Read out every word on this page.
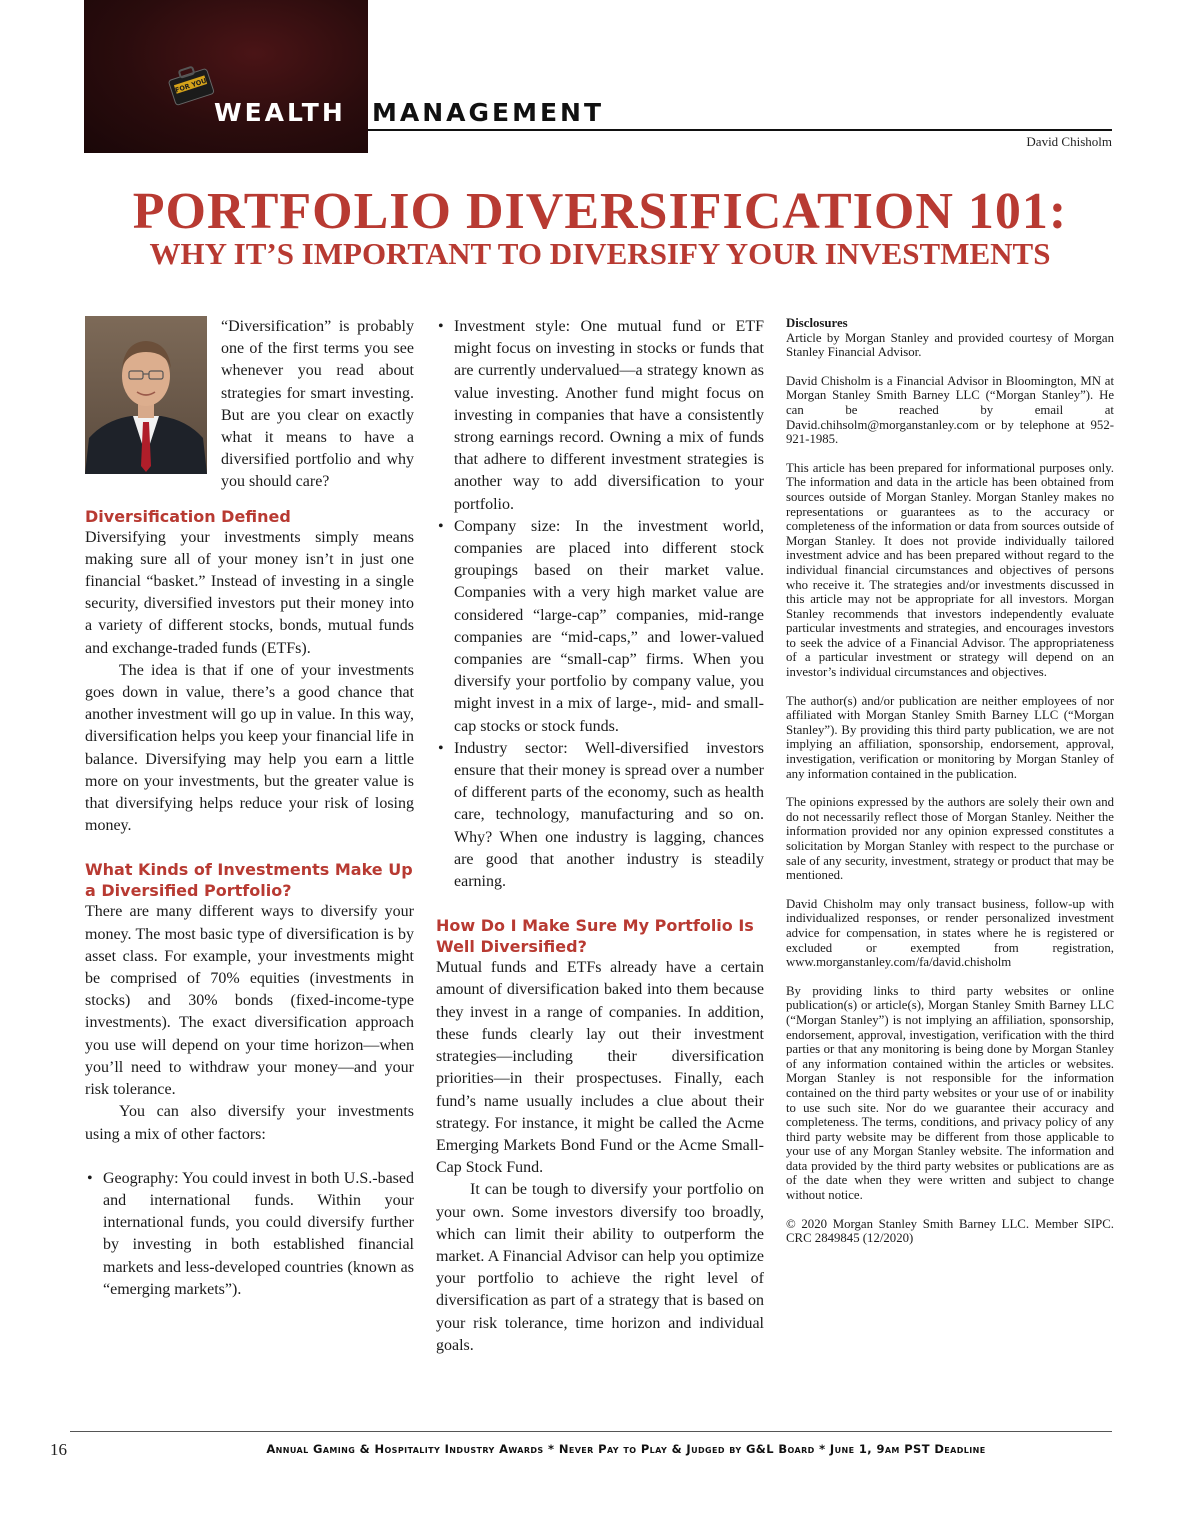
FOR YOU
WEALTH MANAGEMENT
David Chisholm
PORTFOLIO DIVERSIFICATION 101:
WHY IT’S IMPORTANT TO DIVERSIFY YOUR INVESTMENTS

“Diversification” is probably one of the first terms you see whenever you read about strategies for smart investing. But are you clear on exactly what it means to have a diversified portfolio and why you should care?

Diversification Defined

Diversifying your investments simply means making sure all of your money isn’t in just one financial “basket.” Instead of investing in a single security, diversified investors put their money into a variety of different stocks, bonds, mutual funds and exchange-traded funds (ETFs).

The idea is that if one of your investments goes down in value, there’s a good chance that another investment will go up in value. In this way, diversification helps you keep your financial life in balance. Diversifying may help you earn a little more on your investments, but the greater value is that diversifying helps reduce your risk of losing money.

What Kinds of Investments Make Up a Diversified Portfolio?

There are many different ways to diversify your money. The most basic type of diversification is by asset class. For example, your investments might be comprised of 70% equities (investments in stocks) and 30% bonds (fixed-income-type investments). The exact diversification approach you use will depend on your time horizon—when you’ll need to withdraw your money—and your risk tolerance.

You can also diversify your investments using a mix of other factors:

• Geography: You could invest in both U.S.-based and international funds. Within your international funds, you could diversify further by investing in both established financial markets and less-developed countries (known as “emerging markets”).
• Investment style: One mutual fund or ETF might focus on investing in stocks or funds that are currently undervalued—a strategy known as value investing. Another fund might focus on investing in companies that have a consistently strong earnings record. Owning a mix of funds that adhere to different investment strategies is another way to add diversification to your portfolio.
• Company size: In the investment world, companies are placed into different stock groupings based on their market value. Companies with a very high market value are considered “large-cap” companies, mid-range companies are “mid-caps,” and lower-valued companies are “small-cap” firms. When you diversify your portfolio by company value, you might invest in a mix of large-, mid- and small-cap stocks or stock funds.
• Industry sector: Well-diversified investors ensure that their money is spread over a number of different parts of the economy, such as health care, technology, manufacturing and so on. Why? When one industry is lagging, chances are good that another industry is steadily earning.
How Do I Make Sure My Portfolio Is Well Diversified?

Mutual funds and ETFs already have a certain amount of diversification baked into them because they invest in a range of companies. In addition, these funds clearly lay out their investment strategies—including their diversification priorities—in their prospectuses. Finally, each fund’s name usually includes a clue about their strategy. For instance, it might be called the Acme Emerging Markets Bond Fund or the Acme Small-Cap Stock Fund.

It can be tough to diversify your portfolio on your own. Some investors diversify too broadly, which can limit their ability to outperform the market. A Financial Advisor can help you optimize your portfolio to achieve the right level of diversification as part of a strategy that is based on your risk tolerance, time horizon and individual goals.

Disclosures

Article by Morgan Stanley and provided courtesy of Morgan Stanley Financial Advisor.

David Chisholm is a Financial Advisor in Bloomington, MN at Morgan Stanley Smith Barney LLC (“Morgan Stanley”). He can be reached by email at David.chihsolm@morganstanley.com or by telephone at 952-921-1985.

This article has been prepared for informational purposes only. The information and data in the article has been obtained from sources outside of Morgan Stanley. Morgan Stanley makes no representations or guarantees as to the accuracy or completeness of the information or data from sources outside of Morgan Stanley. It does not provide individually tailored investment advice and has been prepared without regard to the individual financial circumstances and objectives of persons who receive it. The strategies and/or investments discussed in this article may not be appropriate for all investors. Morgan Stanley recommends that investors independently evaluate particular investments and strategies, and encourages investors to seek the advice of a Financial Advisor. The appropriateness of a particular investment or strategy will depend on an investor’s individual circumstances and objectives.

The author(s) and/or publication are neither employees of nor affiliated with Morgan Stanley Smith Barney LLC (“Morgan Stanley”). By providing this third party publication, we are not implying an affiliation, sponsorship, endorsement, approval, investigation, verification or monitoring by Morgan Stanley of any information contained in the publication.

The opinions expressed by the authors are solely their own and do not necessarily reflect those of Morgan Stanley. Neither the information provided nor any opinion expressed constitutes a solicitation by Morgan Stanley with respect to the purchase or sale of any security, investment, strategy or product that may be mentioned.

David Chisholm may only transact business, follow-up with individualized responses, or render personalized investment advice for compensation, in states where he is registered or excluded or exempted from registration, www.morganstanley.com/fa/david.chisholm

By providing links to third party websites or online publication(s) or article(s), Morgan Stanley Smith Barney LLC (“Morgan Stanley”) is not implying an affiliation, sponsorship, endorsement, approval, investigation, verification with the third parties or that any monitoring is being done by Morgan Stanley of any information contained within the articles or websites. Morgan Stanley is not responsible for the information contained on the third party websites or your use of or inability to use such site. Nor do we guarantee their accuracy and completeness. The terms, conditions, and privacy policy of any third party website may be different from those applicable to your use of any Morgan Stanley website. The information and data provided by the third party websites or publications are as of the date when they were written and subject to change without notice.

© 2020 Morgan Stanley Smith Barney LLC. Member SIPC. CRC 2849845 (12/2020)

16	Annual Gaming & Hospitality Industry Awards * Never Pay to Play & Judged by G&L Board * June 1, 9am PST Deadline
